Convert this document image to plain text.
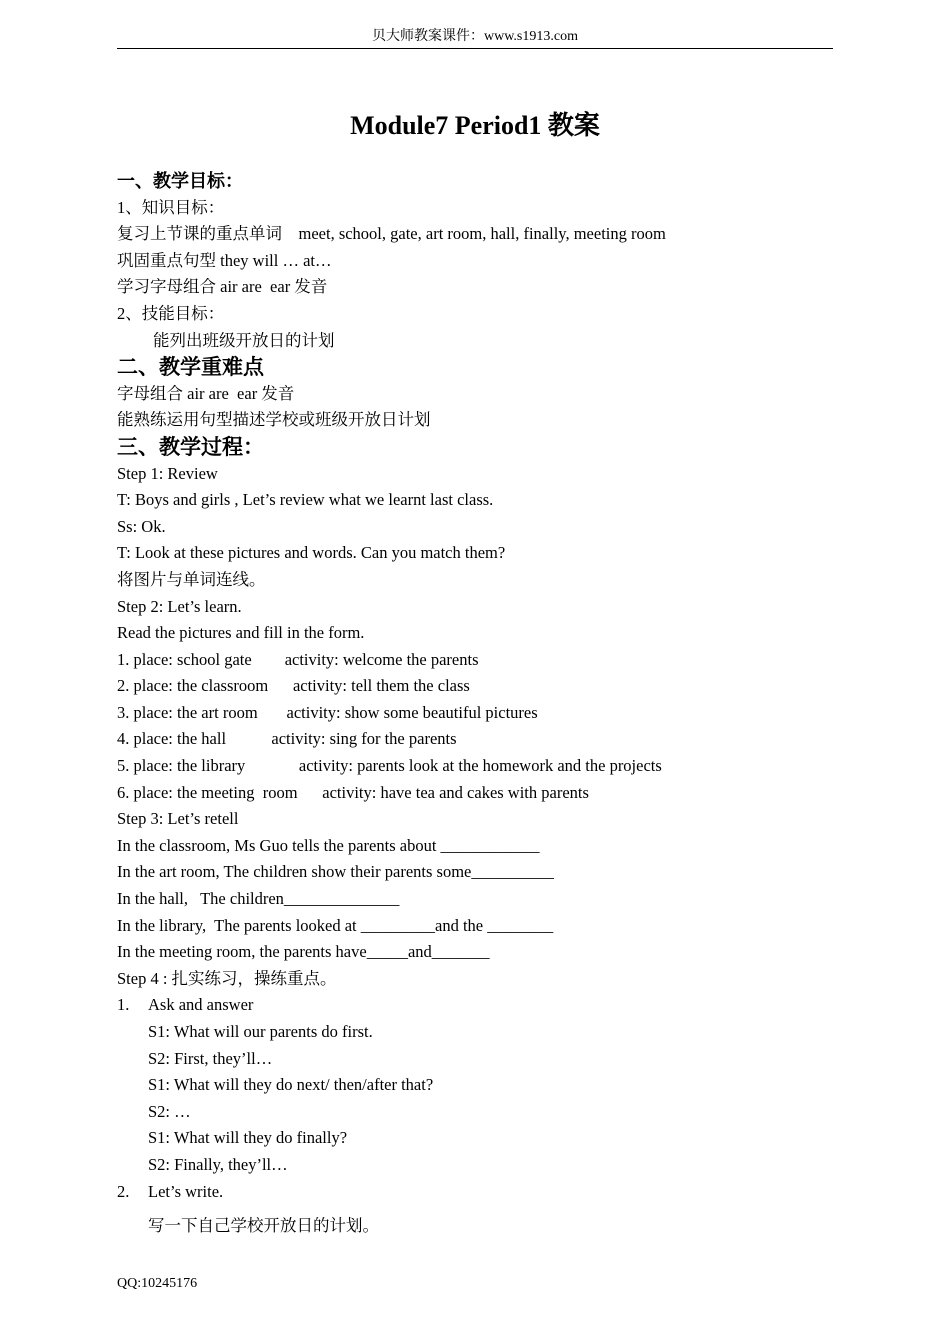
贝大师教案课件：www.s1913.com
Module7 Period1 教案
一、教学目标：
1、知识目标：
复习上节课的重点单词    meet, school, gate, art room, hall, finally, meeting room
巩固重点句型 they will … at…
学习字母组合 air are  ear 发音
2、技能目标：
能列出班级开放日的计划
二、教学重难点
字母组合 air are  ear 发音
能熟练运用句型描述学校或班级开放日计划
三、教学过程：
Step 1: Review
T: Boys and girls , Let’s review what we learnt last class.
Ss: Ok.
T: Look at these pictures and words. Can you match them?
将图片与单词连线。
Step 2: Let’s learn.
Read the pictures and fill in the form.
1. place: school gate        activity: welcome the parents
2. place: the classroom      activity: tell them the class
3. place: the art room       activity: show some beautiful pictures
4. place: the hall           activity: sing for the parents
5. place: the library             activity: parents look at the homework and the projects
6. place: the meeting  room      activity: have tea and cakes with parents
Step 3: Let’s retell
In the classroom, Ms Guo tells the parents about ____________
In the art room, The children show their parents some__________
In the hall,   The children______________
In the library,  The parents looked at _________and the ________
In the meeting room, the parents have_____and_______
Step 4 : 扎实练习，操练重点。
1. Ask and answer
S1: What will our parents do first.
S2: First, they’ll…
S1: What will they do next/ then/after that?
S2: …
S1: What will they do finally?
S2: Finally, they’ll…
2. Let’s write.
写一下自己学校开放日的计划。
QQ:10245176
